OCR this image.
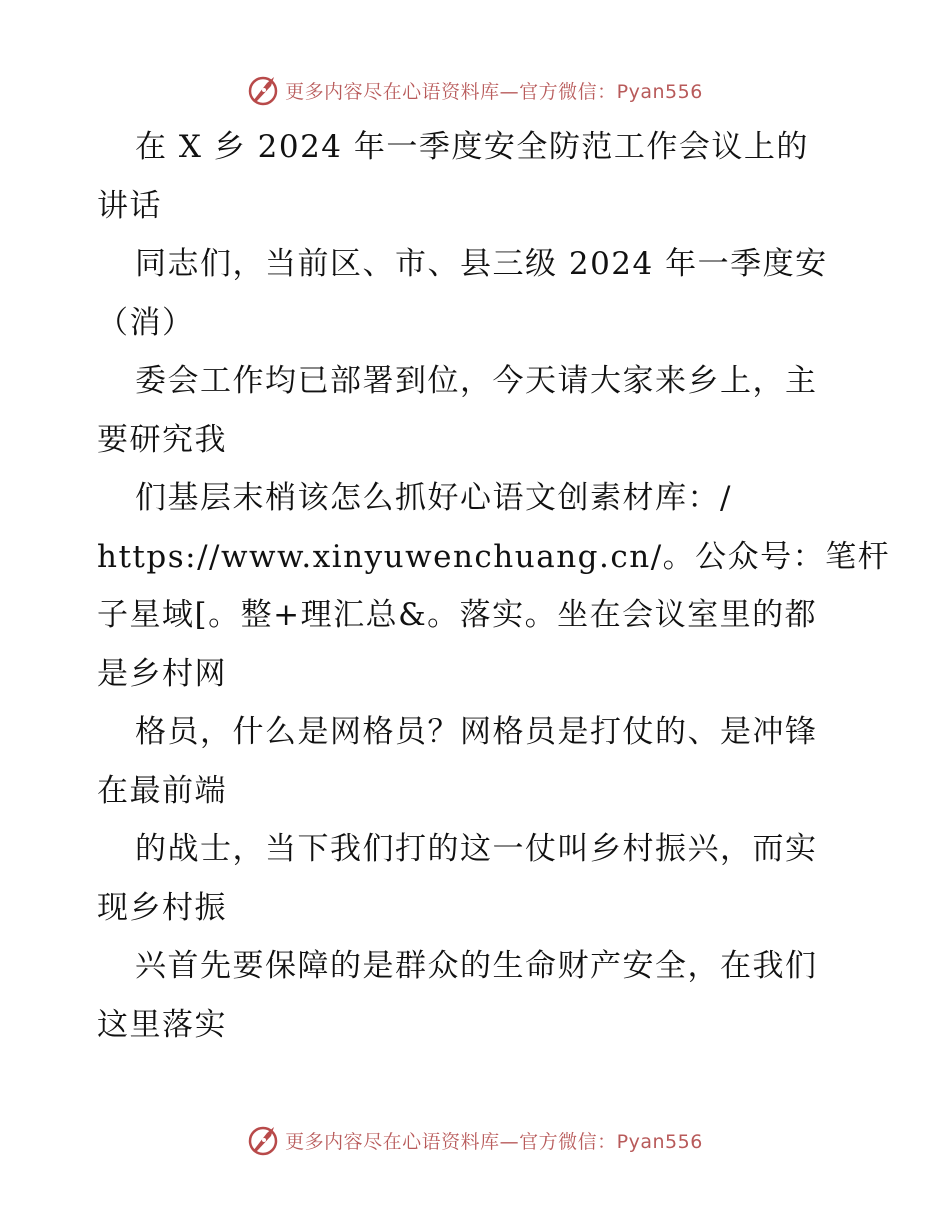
更多内容尽在心语资料库—官方微信：Pyan556
在 X 乡 2024 年一季度安全防范工作会议上的
讲话
同志们，当前区、市、县三级 2024 年一季度安
（消）
委会工作均已部署到位，今天请大家来乡上，主
要研究我
们基层末梢该怎么抓好心语文创素材库：/
https://www.xinyuwenchuang.cn/。公众号：笔杆
子星域[。整+理汇总&。落实。坐在会议室里的都
是乡村网
格员，什么是网格员？网格员是打仗的、是冲锋
在最前端
的战士，当下我们打的这一仗叫乡村振兴，而实
现乡村振
兴首先要保障的是群众的生命财产安全，在我们
这里落实
更多内容尽在心语资料库—官方微信：Pyan556
